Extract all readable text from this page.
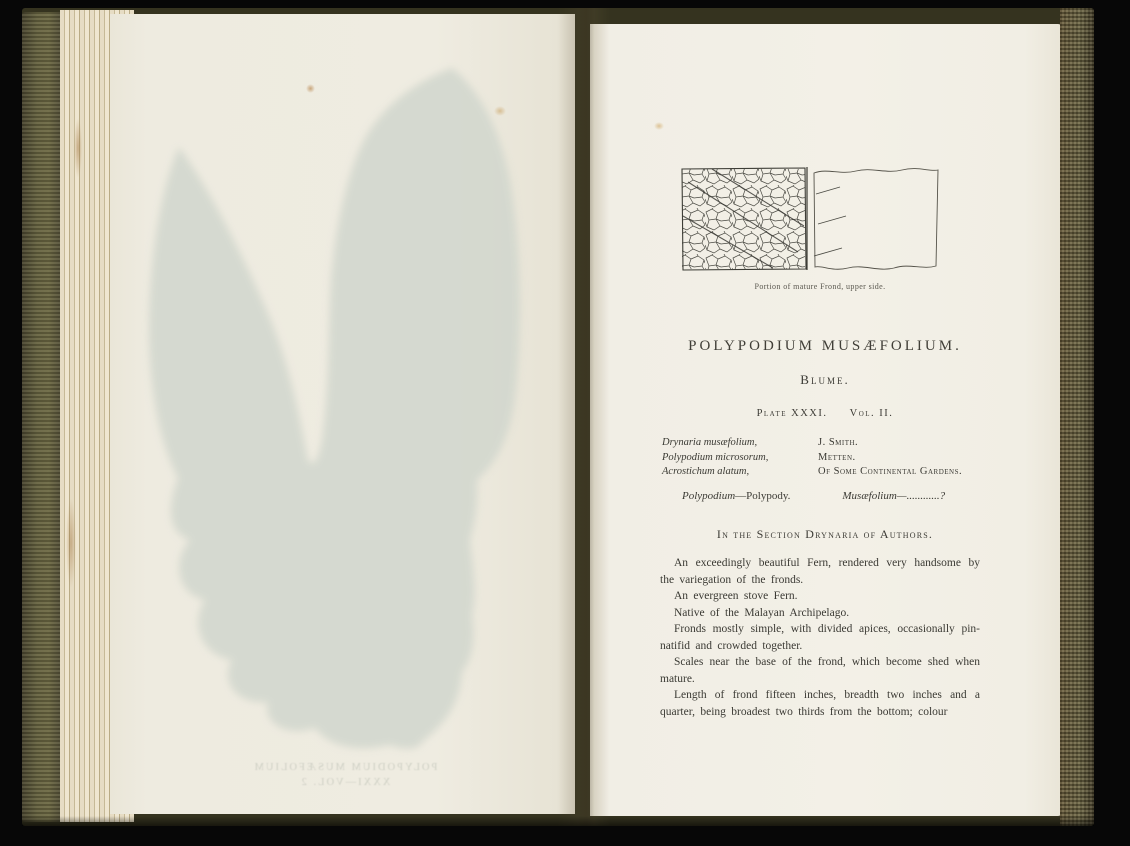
POLYPODIUM MUSÆFOLIUM
XXXI—VOL. 2
Portion of mature Frond, upper side.
POLYPODIUM MUSÆFOLIUM.
Blume.
Plate XXXI. Vol. II.
Drynaria musæfolium,	J. Smith.
Polypodium microsorum,	Metten.
Acrostichum alatum,	Of Some Continental Gardens.
Polypodium—Polypody.	Musæfolium—............?
In the Section Drynaria of Authors.

An exceedingly beautiful Fern, rendered very handsome by the variegation of the fronds.

An evergreen stove Fern.

Native of the Malayan Archipelago.

Fronds mostly simple, with divided apices, occasionally pin-natifid and crowded together.

Scales near the base of the frond, which become shed when mature.

Length of frond fifteen inches, breadth two inches and a quarter, being broadest two thirds from the bottom; colour
